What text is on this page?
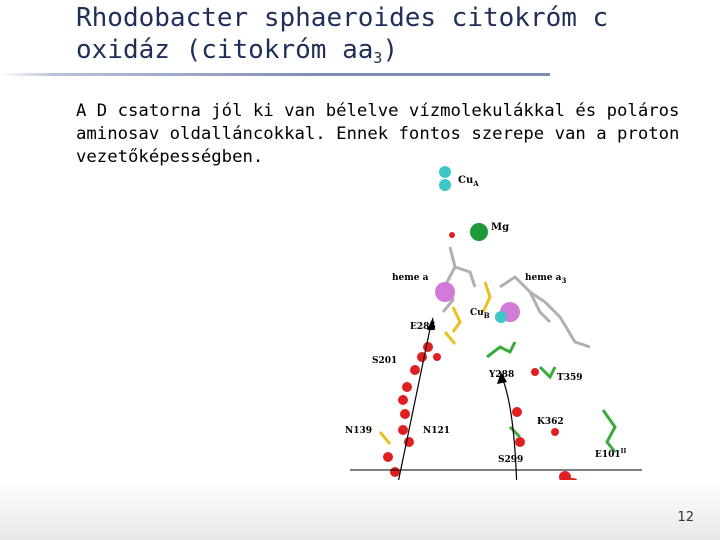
Rhodobacter sphaeroides citokróm c oxidáz (citokróm $aa_3$)

A D csatorna jól ki van bélelve vízmolekulákkal és poláros aminosav oldalláncokkal. Ennek fontos szerepe van a proton vezetőképességben.

$Cu_A$
Mg
heme a	heme $a_3$
$Cu_B$
E286
S201
Y288	T359
K362
N139	N121
S299	$E101^{II}$
12
